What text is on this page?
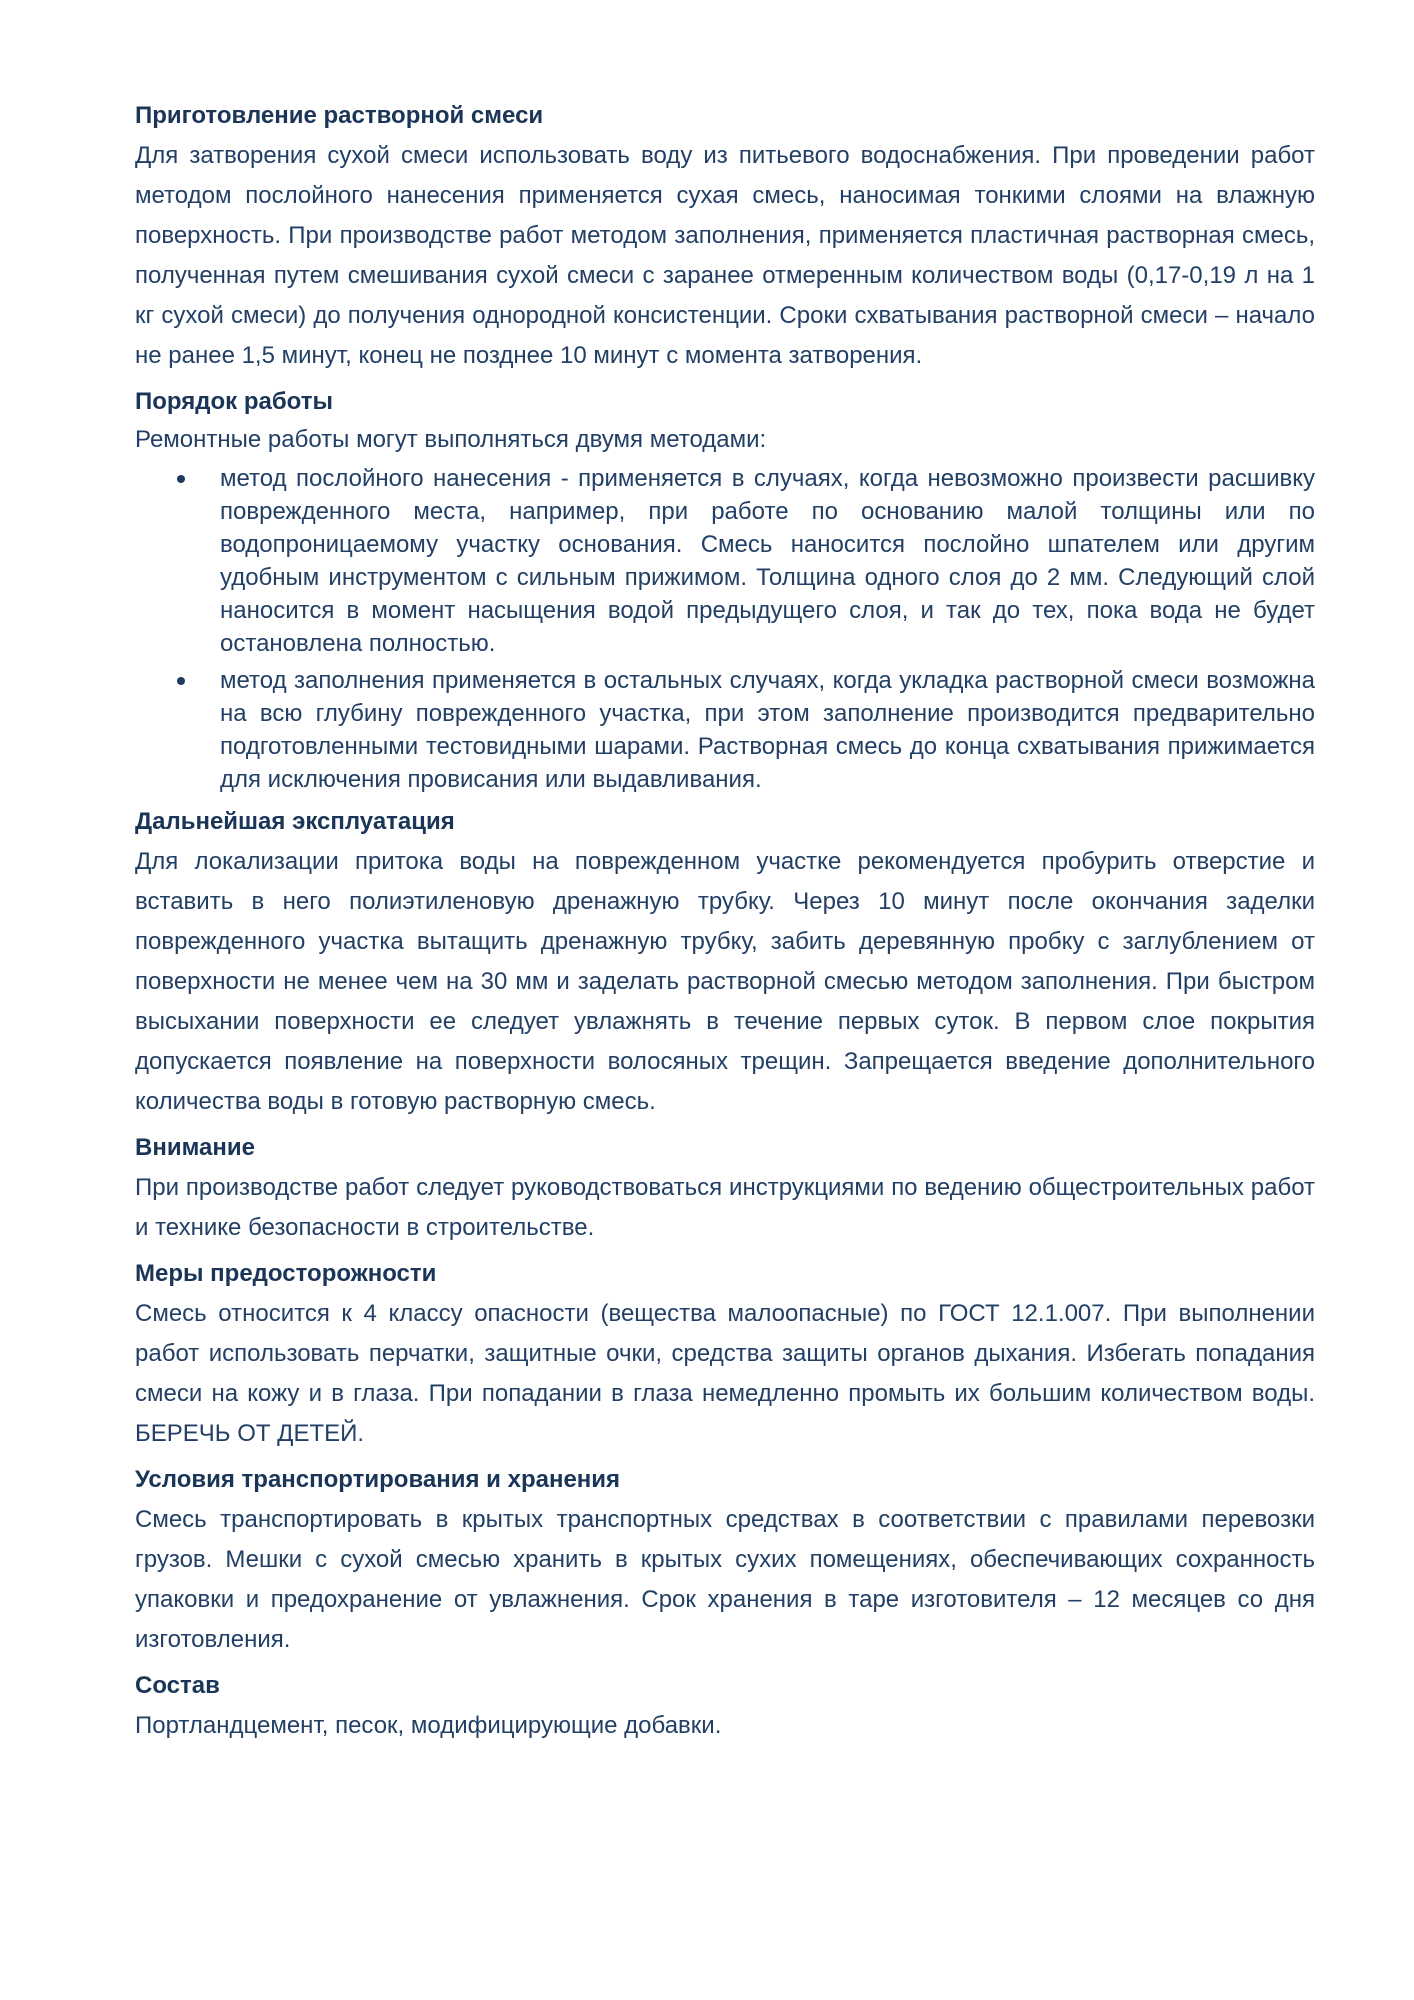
Приготовление растворной смеси

Для затворения сухой смеси использовать воду из питьевого водоснабжения. При проведении работ методом послойного нанесения применяется сухая смесь, наносимая тонкими слоями на влажную поверхность. При производстве работ методом заполнения, применяется пластичная растворная смесь, полученная путем смешивания сухой смеси с заранее отмеренным количеством воды (0,17-0,19 л на 1 кг сухой смеси) до получения однородной консистенции. Сроки схватывания растворной смеси – начало не ранее 1,5 минут, конец не позднее 10 минут с момента затворения.

Порядок работы

Ремонтные работы могут выполняться двумя методами:

метод послойного нанесения - применяется в случаях, когда невозможно произвести расшивку поврежденного места, например, при работе по основанию малой толщины или по водопроницаемому участку основания. Смесь наносится послойно шпателем или другим удобным инструментом с сильным прижимом. Толщина одного слоя до 2 мм. Следующий слой наносится в момент насыщения водой предыдущего слоя, и так до тех, пока вода не будет остановлена полностью.
метод заполнения применяется в остальных случаях, когда укладка растворной смеси возможна на всю глубину поврежденного участка, при этом заполнение производится предварительно подготовленными тестовидными шарами. Растворная смесь до конца схватывания прижимается для исключения провисания или выдавливания.
Дальнейшая эксплуатация

Для локализации притока воды на поврежденном участке рекомендуется пробурить отверстие и вставить в него полиэтиленовую дренажную трубку. Через 10 минут после окончания заделки поврежденного участка вытащить дренажную трубку, забить деревянную пробку с заглублением от поверхности не менее чем на 30 мм и заделать растворной смесью методом заполнения. При быстром высыхании поверхности ее следует увлажнять в течение первых суток. В первом слое покрытия допускается появление на поверхности волосяных трещин. Запрещается введение дополнительного количества воды в готовую растворную смесь.

Внимание

При производстве работ следует руководствоваться инструкциями по ведению общестроительных работ и технике безопасности в строительстве.

Меры предосторожности

Смесь относится к 4 классу опасности (вещества малоопасные) по ГОСТ 12.1.007. При выполнении работ использовать перчатки, защитные очки, средства защиты органов дыхания. Избегать попадания смеси на кожу и в глаза. При попадании в глаза немедленно промыть их большим количеством воды. БЕРЕЧЬ ОТ ДЕТЕЙ.

Условия транспортирования и хранения

Смесь транспортировать в крытых транспортных средствах в соответствии с правилами перевозки грузов. Мешки с сухой смесью хранить в крытых сухих помещениях, обеспечивающих сохранность упаковки и предохранение от увлажнения. Срок хранения в таре изготовителя – 12 месяцев со дня изготовления.

Состав

Портландцемент, песок, модифицирующие добавки.
